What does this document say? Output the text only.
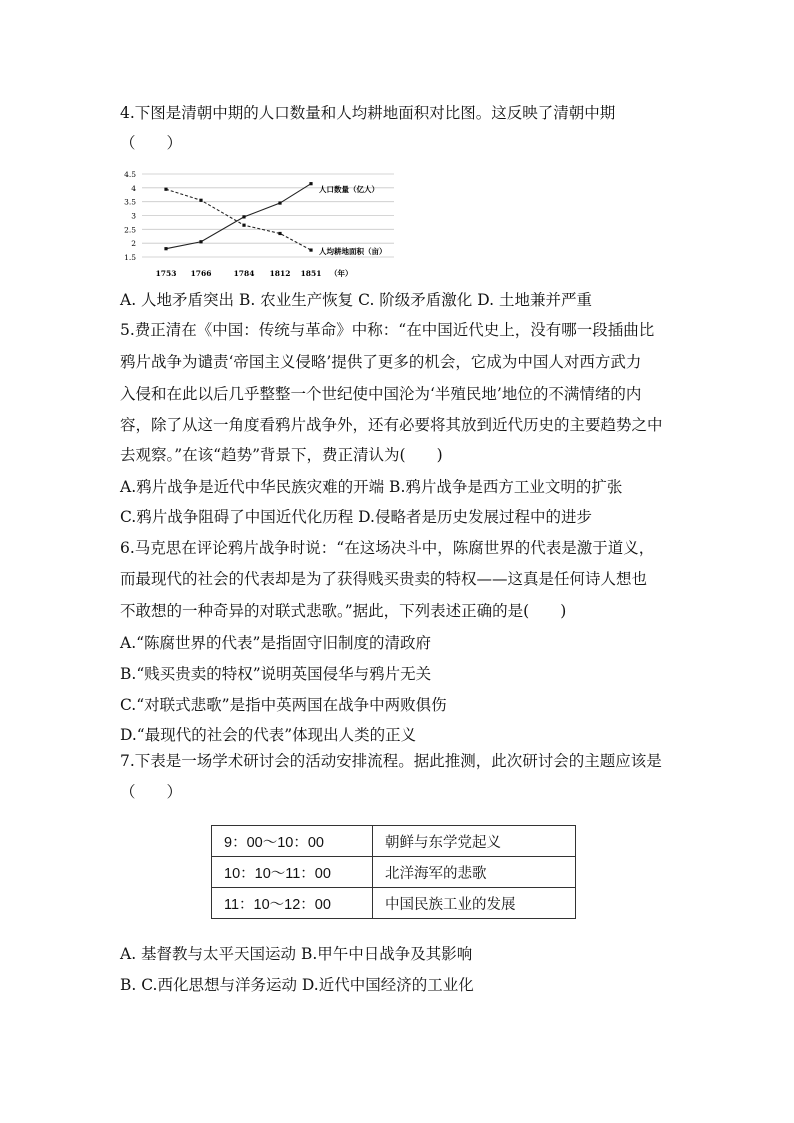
4.下图是清朝中期的人口数量和人均耕地面积对比图。这反映了清朝中期
（　　）
1.5
2
2.5
3
3.5
4
4.5
1753 1766	1784 1812 1851 （年）
人口数量（亿人）
人均耕地面积（亩）
A. 人地矛盾突出 B. 农业生产恢复 C. 阶级矛盾激化 D. 土地兼并严重
5.费正清在《中国：传统与革命》中称：“在中国近代史上，没有哪一段插曲比
鸦片战争为谴责‘帝国主义侵略’提供了更多的机会，它成为中国人对西方武力
入侵和在此以后几乎整整一个世纪使中国沦为‘半殖民地’地位的不满情绪的内
容，除了从这一角度看鸦片战争外，还有必要将其放到近代历史的主要趋势之中
去观察。”在该“趋势”背景下，费正清认为(　　)
A.鸦片战争是近代中华民族灾难的开端 B.鸦片战争是西方工业文明的扩张
C.鸦片战争阻碍了中国近代化历程 D.侵略者是历史发展过程中的进步
6.马克思在评论鸦片战争时说：“在这场决斗中，陈腐世界的代表是激于道义，
而最现代的社会的代表却是为了获得贱买贵卖的特权——这真是任何诗人想也
不敢想的一种奇异的对联式悲歌。”据此，下列表述正确的是(　　)
A.“陈腐世界的代表”是指固守旧制度的清政府
B.“贱买贵卖的特权”说明英国侵华与鸦片无关
C.“对联式悲歌”是指中英两国在战争中两败俱伤
D.“最现代的社会的代表”体现出人类的正义
7.下表是一场学术研讨会的活动安排流程。据此推测，此次研讨会的主题应该是
（　　）
9：00～10：00	朝鲜与东学党起义
10：10～11：00	北洋海军的悲歌
11：10～12：00	中国民族工业的发展
A. 基督教与太平天国运动 B.甲午中日战争及其影响
B. C.西化思想与洋务运动 D.近代中国经济的工业化
